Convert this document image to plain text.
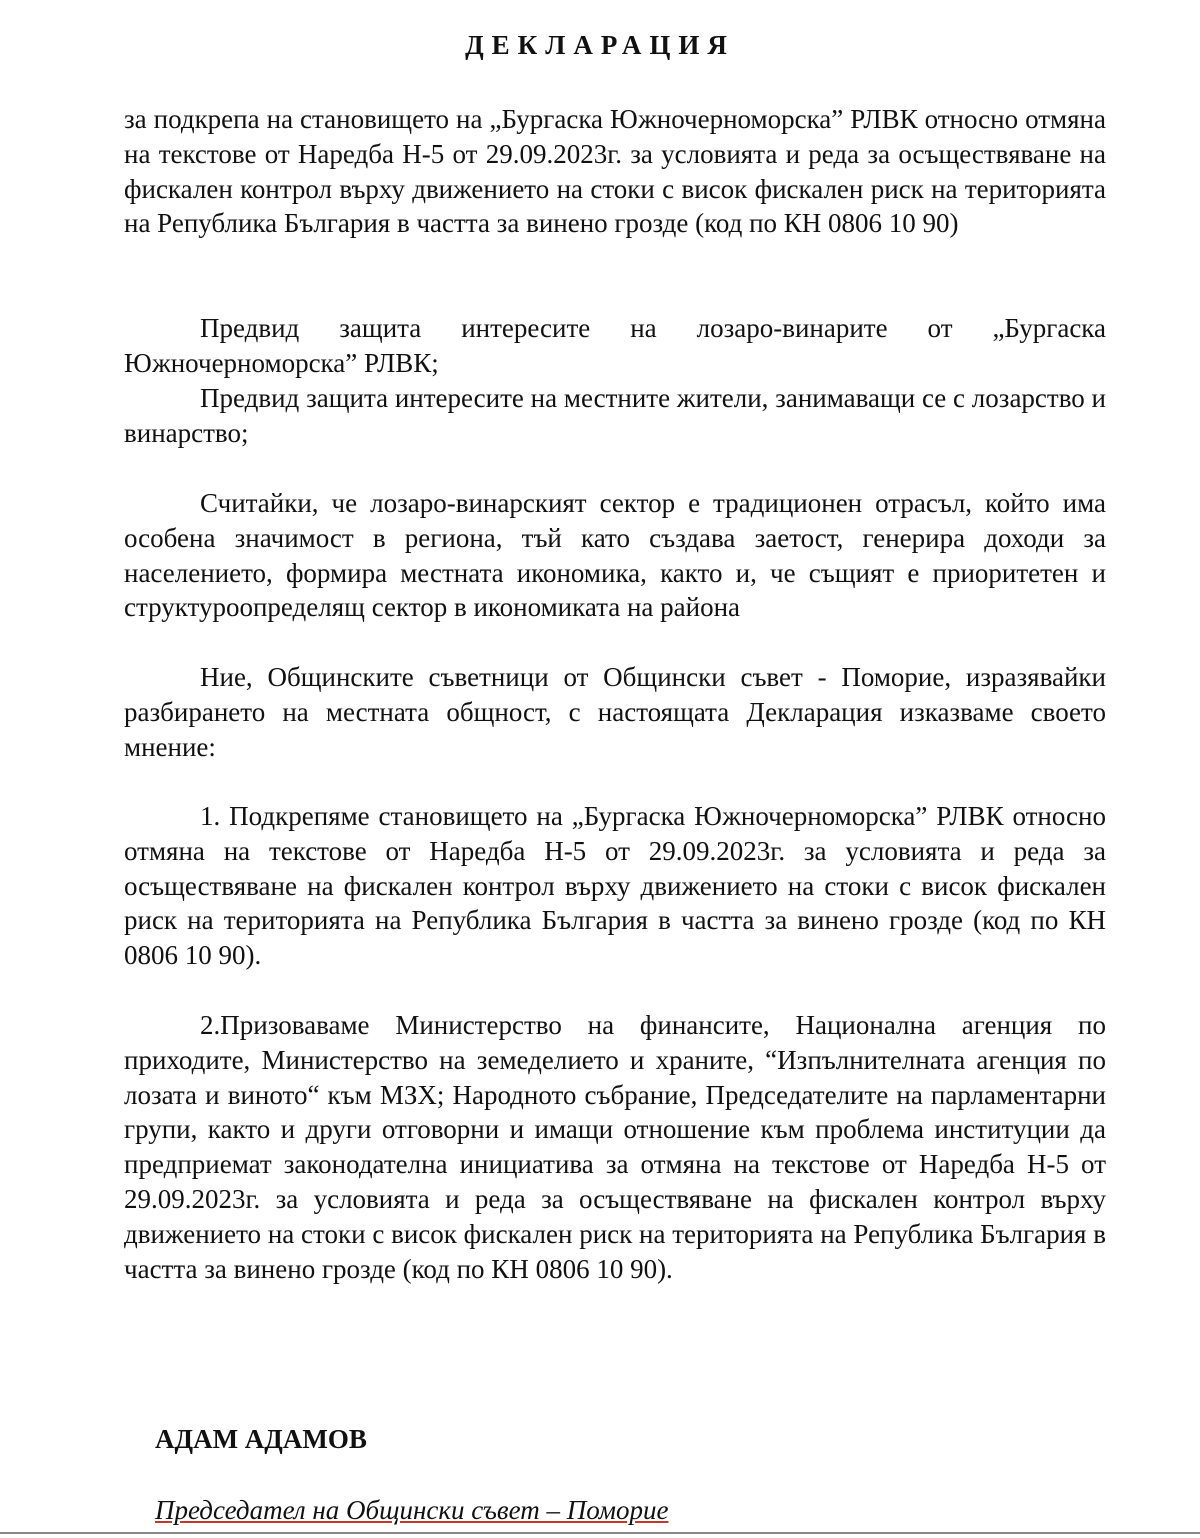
ДЕКЛАРАЦИЯ
за подкрепа на становището на „Бургаска Южночерноморска” РЛВК относно отмяна на текстове от Наредба Н-5 от 29.09.2023г. за условията и реда за осъществяване на фискален контрол върху движението на стоки с висок фискален риск на територията на Република България в частта за винено грозде (код по КН 0806 10 90)
Предвид защита интересите на лозаро-винарите от „Бургаска Южночерноморска” РЛВК;
Предвид защита интересите на местните жители, занимаващи се с лозарство и винарство;
Считайки, че лозаро-винарският сектор е традиционен отрасъл, който има особена значимост в региона, тъй като създава заетост, генерира доходи за населението, формира местната икономика, както и, че същият е приоритетен и структуроопределящ сектор в икономиката на района
Ние, Общинските съветници от Общински съвет - Поморие, изразявайки разбирането на местната общност, с настоящата Декларация изказваме своето мнение:
1. Подкрепяме становището на „Бургаска Южночерноморска” РЛВК относно отмяна на текстове от Наредба Н-5 от 29.09.2023г. за условията и реда за осъществяване на фискален контрол върху движението на стоки с висок фискален риск на територията на Република България в частта за винено грозде (код по КН 0806 10 90).
2.Призоваваме Министерство на финансите, Национална агенция по приходите, Министерство на земеделието и храните, “Изпълнителната агенция по лозата и виното“ към МЗХ; Народното събрание, Председателите на парламентарни групи, както и други отговорни и имащи отношение към проблема институции да предприемат законодателна инициатива за отмяна на текстове от Наредба Н-5 от 29.09.2023г. за условията и реда за осъществяване на фискален контрол върху движението на стоки с висок фискален риск на територията на Република България в частта за винено грозде (код по КН 0806 10 90).
АДАМ АДАМОВ
Председател на Общински съвет – Поморие
